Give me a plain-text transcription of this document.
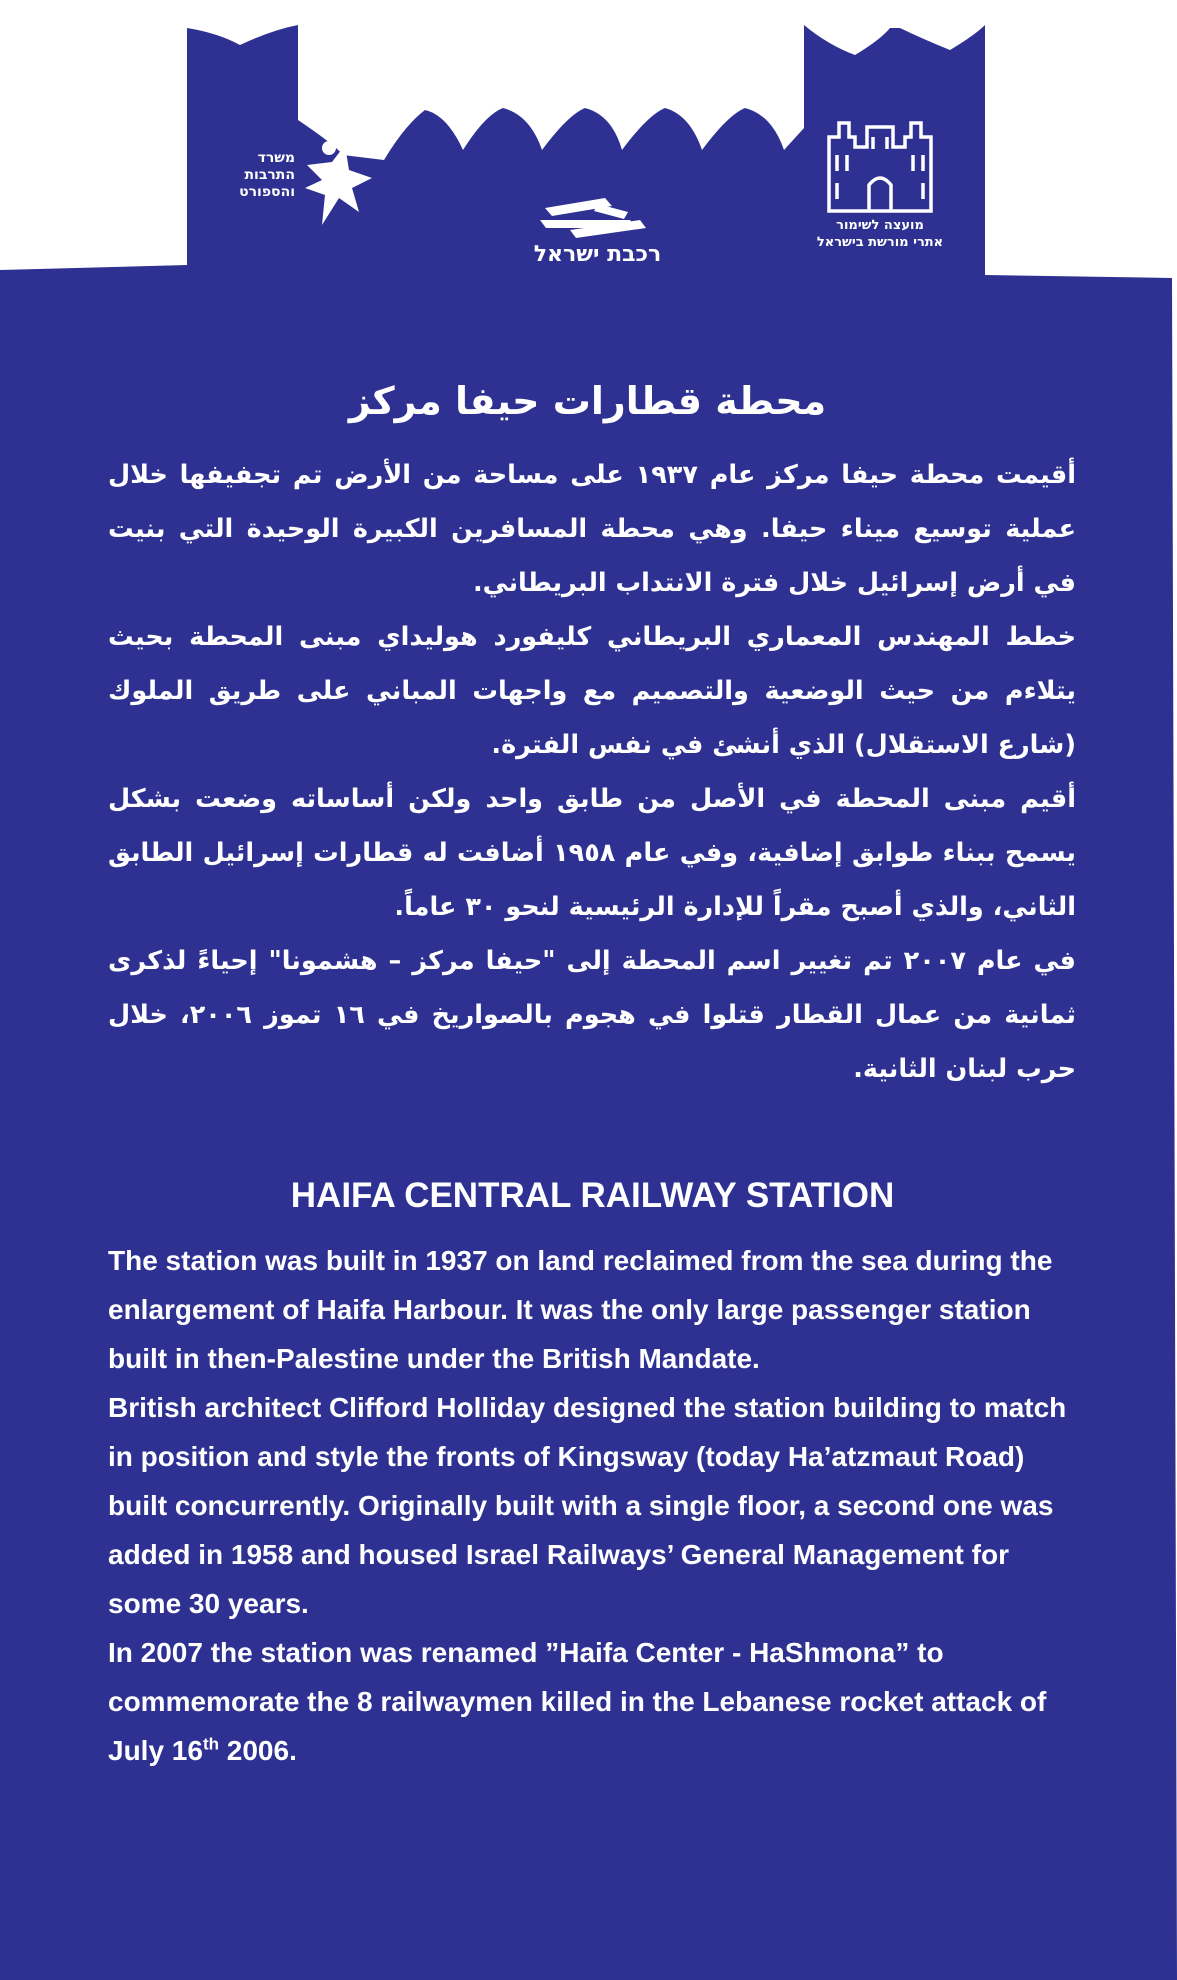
משרד
התרבות
והספורט
רכבת ישראל
מועצה לשימור
אתרי מורשת בישראל
محطة قطارات حيفا مركز

أقيمت محطة حيفا مركز عام ١٩٣٧ على مساحة من الأرض تم تجفيفها خلال عملية توسيع ميناء حيفا. وهي محطة المسافرين الكبيرة الوحيدة التي بنيت في أرض إسرائيل خلال فترة الانتداب البريطاني.

خطط المهندس المعماري البريطاني كليفورد هوليداي مبنى المحطة بحيث يتلاءم من حيث الوضعية والتصميم مع واجهات المباني على طريق الملوك (شارع الاستقلال) الذي أنشئ في نفس الفترة.

أقيم مبنى المحطة في الأصل من طابق واحد ولكن أساساته وضعت بشكل يسمح ببناء طوابق إضافية، وفي عام ١٩٥٨ أضافت له قطارات إسرائيل الطابق الثاني، والذي أصبح مقراً للإدارة الرئيسية لنحو ٣٠ عاماً.

في عام ٢٠٠٧ تم تغيير اسم المحطة إلى "حيفا مركز – هشمونا" إحياءً لذكرى ثمانية من عمال القطار قتلوا في هجوم بالصواريخ في ١٦ تموز ٢٠٠٦، خلال حرب لبنان الثانية.

HAIFA CENTRAL RAILWAY STATION

The station was built in 1937 on land reclaimed from the sea during the enlargement of Haifa Harbour. It was the only large passenger station built in then-Palestine under the British Mandate.

British architect Clifford Holliday designed the station building to match in position and style the fronts of Kingsway (today Ha’atzmaut Road) built concurrently. Originally built with a single floor, a second one was added in 1958 and housed Israel Railways’ General Management for some 30 years.

In 2007 the station was renamed ”Haifa Center - HaShmona” to commemorate the 8 railwaymen killed in the Lebanese rocket attack of July 16th 2006.
